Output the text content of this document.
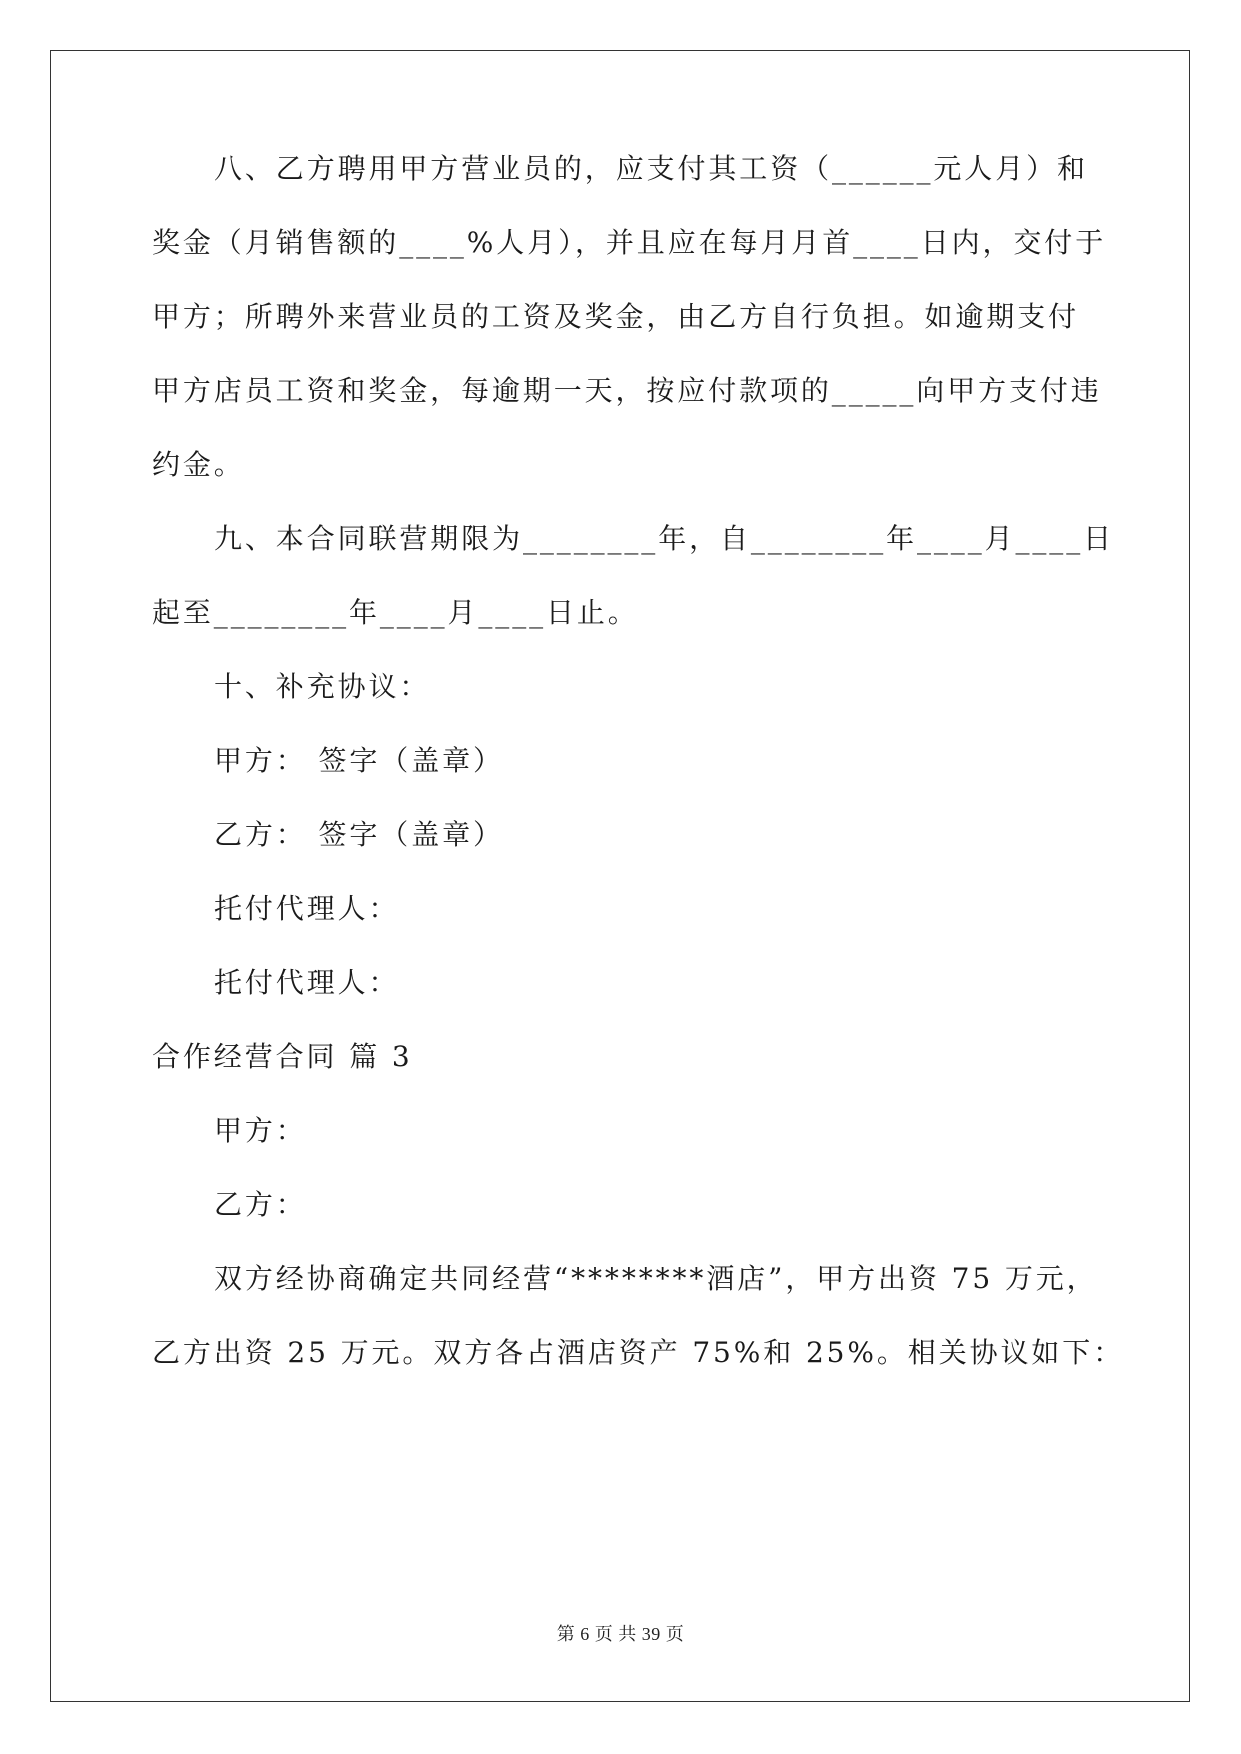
八、乙方聘用甲方营业员的，应支付其工资（______元人月）和
奖金（月销售额的____%人月），并且应在每月月首____日内，交付于
甲方；所聘外来营业员的工资及奖金，由乙方自行负担。如逾期支付
甲方店员工资和奖金，每逾期一天，按应付款项的_____向甲方支付违
约金。
九、本合同联营期限为________年，自________年____月____日
起至________年____月____日止。
十、补充协议：
甲方： 签字（盖章）
乙方： 签字（盖章）
托付代理人：
托付代理人：
合作经营合同 篇 3
甲方：
乙方：
双方经协商确定共同经营“********酒店”，甲方出资 75 万元，
乙方出资 25 万元。双方各占酒店资产 75%和 25%。相关协议如下：
第 6 页 共 39 页
